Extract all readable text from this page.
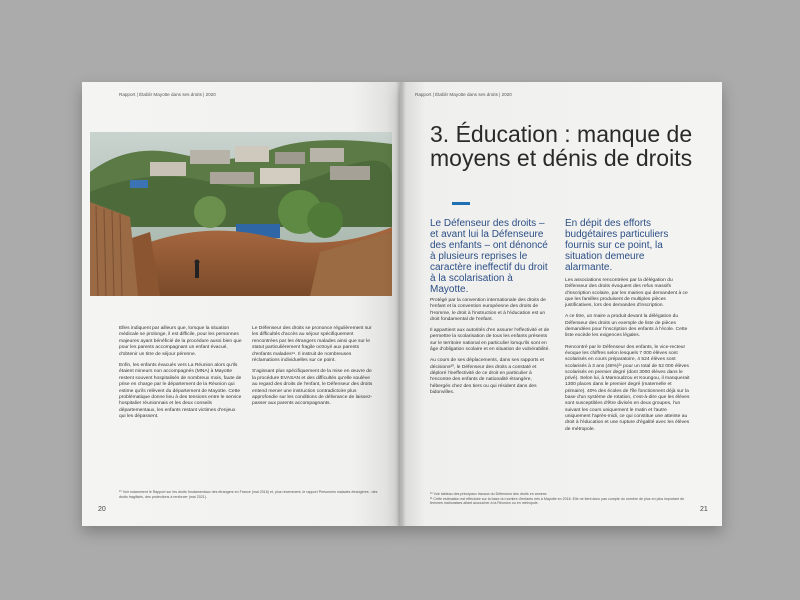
Rapport | Établir Mayotte dans ses droits | 2020

Elles indiquent par ailleurs que, lorsque la situation médicale se prolonge, il est difficile, pour les personnes majeures ayant bénéficié de la procédure aussi bien que pour les parents accompagnant un enfant évacué, d'obtenir un titre de séjour pérenne.

Enfin, les enfants évacués vers La Réunion alors qu'ils étaient mineurs non accompagnés (MNA) à Mayotte restent souvent hospitalisés de nombreux mois, faute de prise en charge par le département de la Réunion qui estime qu'ils relèvent du département de Mayotte. Cette problématique donne lieu à des tensions entre le service hospitalier réunionnais et les deux conseils départementaux, les enfants restant victimes d'enjeux qui les dépassent.

Le Défenseur des droits se prononce régulièrement sur les difficultés d'accès au séjour spécifiquement rencontrées par les étrangers malades ainsi que sur le statut particulièrement fragile octroyé aux parents d'enfants malades¹⁹. Il instruit de nombreuses réclamations individuelles sur ce point.

S'agissant plus spécifiquement de la mise en œuvre de la procédure EVASAN et des difficultés qu'elle soulève au regard des droits de l'enfant, le Défenseur des droits entend mener une instruction contradictoire plus approfondie sur les conditions de délivrance de laissez-passer aux parents accompagnants.

¹⁹ Voir notamment le Rapport sur les droits fondamentaux des étrangers en France (mai 2016) et, plus récemment, le rapport Personnes malades étrangères : des droits fragilisés, des protections à renforcer (mai 2021).
20
Rapport | Établir Mayotte dans ses droits | 2020
3. Éducation : manque de moyens et dénis de droits
Le Défenseur des droits – et avant lui la Défenseure des enfants – ont dénoncé à plusieurs reprises le caractère ineffectif du droit à la scolarisation à Mayotte.
En dépit des efforts budgétaires particuliers fournis sur ce point, la situation demeure alarmante.

Protégé par la convention internationale des droits de l'enfant et la convention européenne des droits de l'Homme, le droit à l'instruction et à l'éducation est un droit fondamental de l'enfant.

Il appartient aux autorités d'en assurer l'effectivité et de permettre la scolarisation de tous les enfants présents sur le territoire national en particulier lorsqu'ils sont en âge d'obligation scolaire et en situation de vulnérabilité.

Au cours de ses déplacements, dans ses rapports et décisions²⁰, le Défenseur des droits a constaté et déploré l'ineffectivité de ce droit en particulier à l'encontre des enfants de nationalité étrangère, hébergés chez des tiers ou qui résident dans des bidonvilles.

Les associations rencontrées par la délégation du Défenseur des droits évoquent des refus massifs d'inscription scolaire, par les mairies qui demandent à ce que les familles produisent de multiples pièces justificatives, lors des demandes d'inscription.

A ce titre, un maire a produit devant la délégation du Défenseur des droits un exemple de liste de pièces demandées pour l'inscription des enfants à l'école. Cette liste excède les exigences légales.

Rencontré par le Défenseur des enfants, le vice-recteur évoque les chiffres selon lesquels 7 000 élèves sont scolarisés en cours préparatoire, 4 524 élèves sont scolarisés à 3 ans (48%)²¹ pour un total de 52 000 élèves scolarisés en premier degré (dont 3000 élèves dans le privé). Selon lui, à Mamoudzou et Koungou, il manquerait 1300 places dans le premier degré (maternelle et primaire). 40% des écoles de l'île fonctionnent déjà sur la base d'un système de rotation, c'est-à-dire que les élèves sont susceptibles d'être divisés en deux groupes, l'un suivant les cours uniquement le matin et l'autre uniquement l'après-midi, ce qui constitue une atteinte au droit à l'éducation et une rupture d'égalité avec les élèves de métropole.

²⁰ Voir tableau des principaux travaux du Défenseur des droits en annexe.
²¹ Cette estimation est effectuée sur la base du nombre d'enfants nés à Mayotte en 2016. Elle ne tient donc pas compte du nombre de plus en plus important de femmes mahoraises allant accoucher à la Réunion ou en métropole.
21
